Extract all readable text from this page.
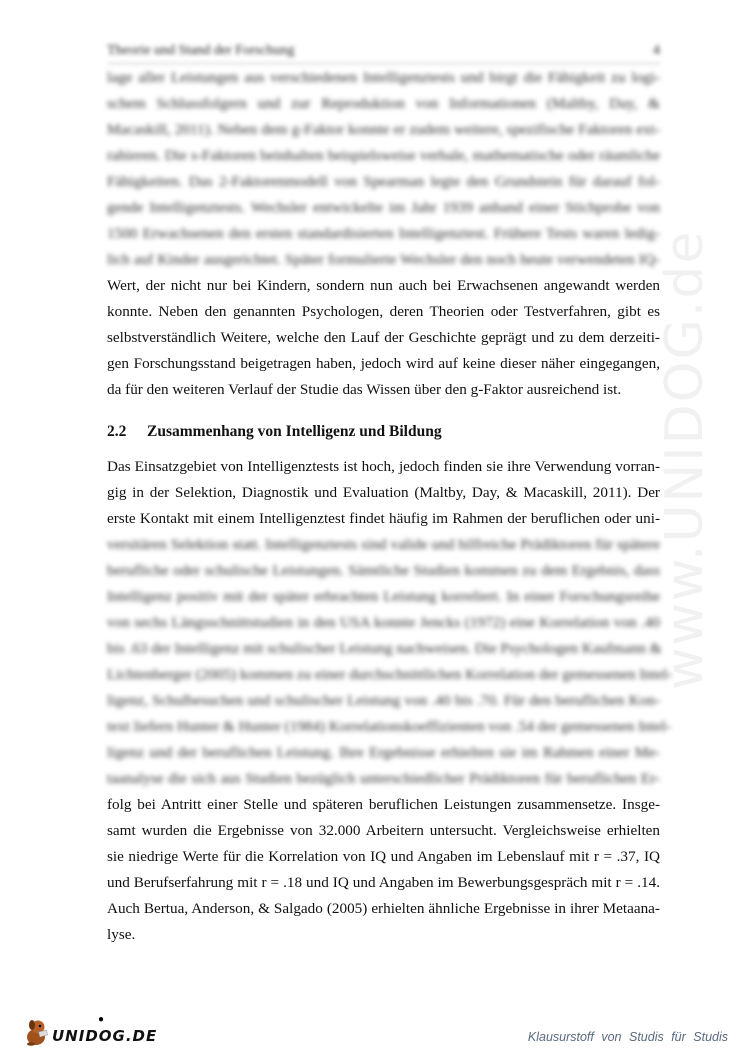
www.UNIDOG.de
Theorie und Stand der Forschung	4
lage aller Leistungen aus verschiedenen Intelligenztests und birgt die Fähigkeit zu logi-
schem Schlussfolgern und zur Reproduktion von Informationen (Maltby, Day, &
Macaskill, 2011). Neben dem g-Faktor konnte er zudem weitere, spezifische Faktoren ext-
rahieren. Die s-Faktoren beinhalten beispielsweise verbale, mathematische oder räumliche
Fähigkeiten. Das 2-Faktorenmodell von Spearman legte den Grundstein für darauf fol-
gende Intelligenztests. Wechsler entwickelte im Jahr 1939 anhand einer Stichprobe von
1500 Erwachsenen den ersten standardisierten Intelligenztest. Frühere Tests waren ledig-
lich auf Kinder ausgerichtet. Später formulierte Wechsler den noch heute verwendeten IQ-
Wert, der nicht nur bei Kindern, sondern nun auch bei Erwachsenen angewandt werden
konnte. Neben den genannten Psychologen, deren Theorien oder Testverfahren, gibt es
selbstverständlich Weitere, welche den Lauf der Geschichte geprägt und zu dem derzeiti-
gen Forschungsstand beigetragen haben, jedoch wird auf keine dieser näher eingegangen,
da für den weiteren Verlauf der Studie das Wissen über den g-Faktor ausreichend ist.
2.2 Zusammenhang von Intelligenz und Bildung
Das Einsatzgebiet von Intelligenztests ist hoch, jedoch finden sie ihre Verwendung vorran-
gig in der Selektion, Diagnostik und Evaluation (Maltby, Day, & Macaskill, 2011). Der
erste Kontakt mit einem Intelligenztest findet häufig im Rahmen der beruflichen oder uni-
versitären Selektion statt. Intelligenztests sind valide und hilfreiche Prädiktoren für spätere
berufliche oder schulische Leistungen. Sämtliche Studien kommen zu dem Ergebnis, dass
Intelligenz positiv mit der später erbrachten Leistung korreliert. In einer Forschungsreihe
von sechs Längsschnittstudien in den USA konnte Jencks (1972) eine Korrelation von .40
bis .63 der Intelligenz mit schulischer Leistung nachweisen. Die Psychologen Kaufmann &
Lichtenberger (2005) kommen zu einer durchschnittlichen Korrelation der gemessenen Intel-
ligenz, Schulbesuchen und schulischer Leistung von .40 bis .70. Für den beruflichen Kon-
text liefern Hunter & Hunter (1984) Korrelationskoeffizienten von .54 der gemessenen Intel-
ligenz und der beruflichen Leistung. Ihre Ergebnisse erhielten sie im Rahmen einer Me-
taanalyse die sich aus Studien bezüglich unterschiedlicher Prädiktoren für beruflichen Er-
folg bei Antritt einer Stelle und späteren beruflichen Leistungen zusammensetze. Insge-
samt wurden die Ergebnisse von 32.000 Arbeitern untersucht. Vergleichsweise erhielten
sie niedrige Werte für die Korrelation von IQ und Angaben im Lebenslauf mit r = .37, IQ
und Berufserfahrung mit r = .18 und IQ und Angaben im Bewerbungsgespräch mit r = .14.
Auch Bertua, Anderson, & Salgado (2005) erhielten ähnliche Ergebnisse in ihrer Metaana-
lyse.
●
UNIDOG.DE	Klausurstoff von Studis für Studis
